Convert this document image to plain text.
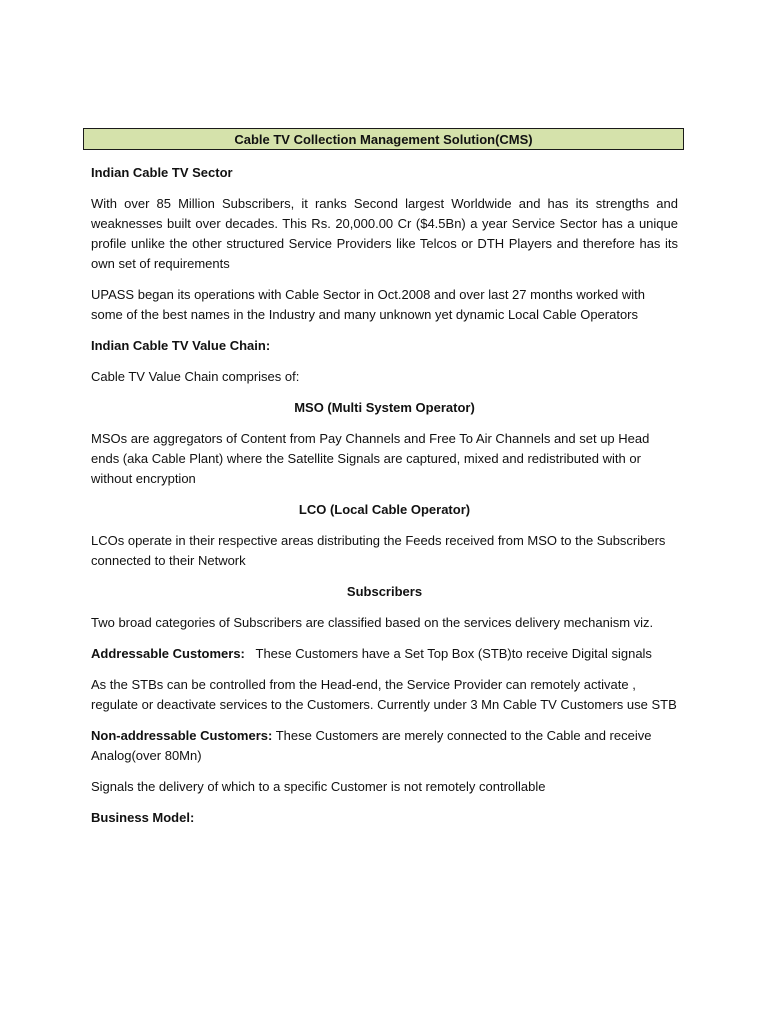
Cable TV Collection Management Solution(CMS)

Indian Cable TV Sector

With over 85 Million Subscribers, it ranks Second largest Worldwide and has its strengths and weaknesses built over decades. This Rs. 20,000.00 Cr ($4.5Bn) a year Service Sector has a unique profile unlike the other structured Service Providers like Telcos or DTH Players and therefore has its own set of requirements

UPASS began its operations with Cable Sector in Oct.2008 and over last 27 months worked with some of the best names in the Industry and many unknown yet dynamic Local Cable Operators

Indian Cable TV Value Chain:

Cable TV Value Chain comprises of:

MSO (Multi System Operator)

MSOs are aggregators of Content from Pay Channels and Free To Air Channels and set up Head ends (aka Cable Plant) where the Satellite Signals are captured, mixed and redistributed with or without encryption

LCO (Local Cable Operator)

LCOs operate in their respective areas distributing the Feeds received from MSO to the Subscribers connected to their Network

Subscribers

Two broad categories of Subscribers are classified based on the services delivery mechanism viz.

Addressable Customers: These Customers have a Set Top Box (STB)to receive Digital signals

As the STBs can be controlled from the Head-end, the Service Provider can remotely activate , regulate or deactivate services to the Customers. Currently under 3 Mn Cable TV Customers use STB

Non-addressable Customers: These Customers are merely connected to the Cable and receive Analog(over 80Mn)

Signals the delivery of which to a specific Customer is not remotely controllable

Business Model:
